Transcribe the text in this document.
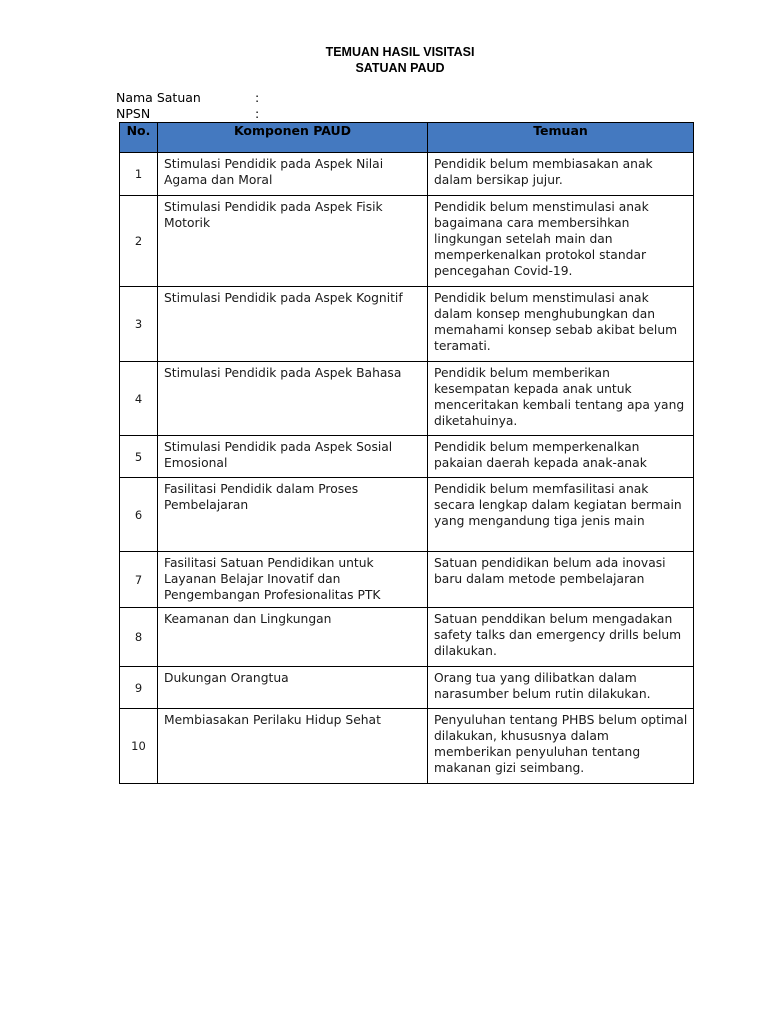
TEMUAN HASIL VISITASI
SATUAN PAUD
Nama Satuan	:
NPSN	:
No.	Komponen PAUD	Temuan
1	Stimulasi Pendidik pada Aspek Nilai Agama dan Moral	Pendidik belum membiasakan anak dalam bersikap jujur.
2	Stimulasi Pendidik pada Aspek Fisik Motorik	Pendidik belum menstimulasi anak bagaimana cara membersihkan lingkungan setelah main dan memperkenalkan protokol standar pencegahan Covid-19.
3	Stimulasi Pendidik pada Aspek Kognitif	Pendidik belum menstimulasi anak dalam konsep menghubungkan dan memahami konsep sebab akibat belum teramati.
4	Stimulasi Pendidik pada Aspek Bahasa	Pendidik belum memberikan kesempatan kepada anak untuk menceritakan kembali tentang apa yang diketahuinya.
5	Stimulasi Pendidik pada Aspek Sosial Emosional	Pendidik belum memperkenalkan pakaian daerah kepada anak-anak
6	Fasilitasi Pendidik dalam Proses Pembelajaran	Pendidik belum memfasilitasi anak secara lengkap dalam kegiatan bermain yang mengandung tiga jenis main
7	Fasilitasi Satuan Pendidikan untuk Layanan Belajar Inovatif dan Pengembangan Profesionalitas PTK	Satuan pendidikan belum ada inovasi baru dalam metode pembelajaran
8	Keamanan dan Lingkungan	Satuan penddikan belum mengadakan safety talks dan emergency drills belum dilakukan.
9	Dukungan Orangtua	Orang tua yang dilibatkan dalam narasumber belum rutin dilakukan.
10	Membiasakan Perilaku Hidup Sehat	Penyuluhan tentang PHBS belum optimal dilakukan, khususnya dalam memberikan penyuluhan tentang makanan gizi seimbang.
